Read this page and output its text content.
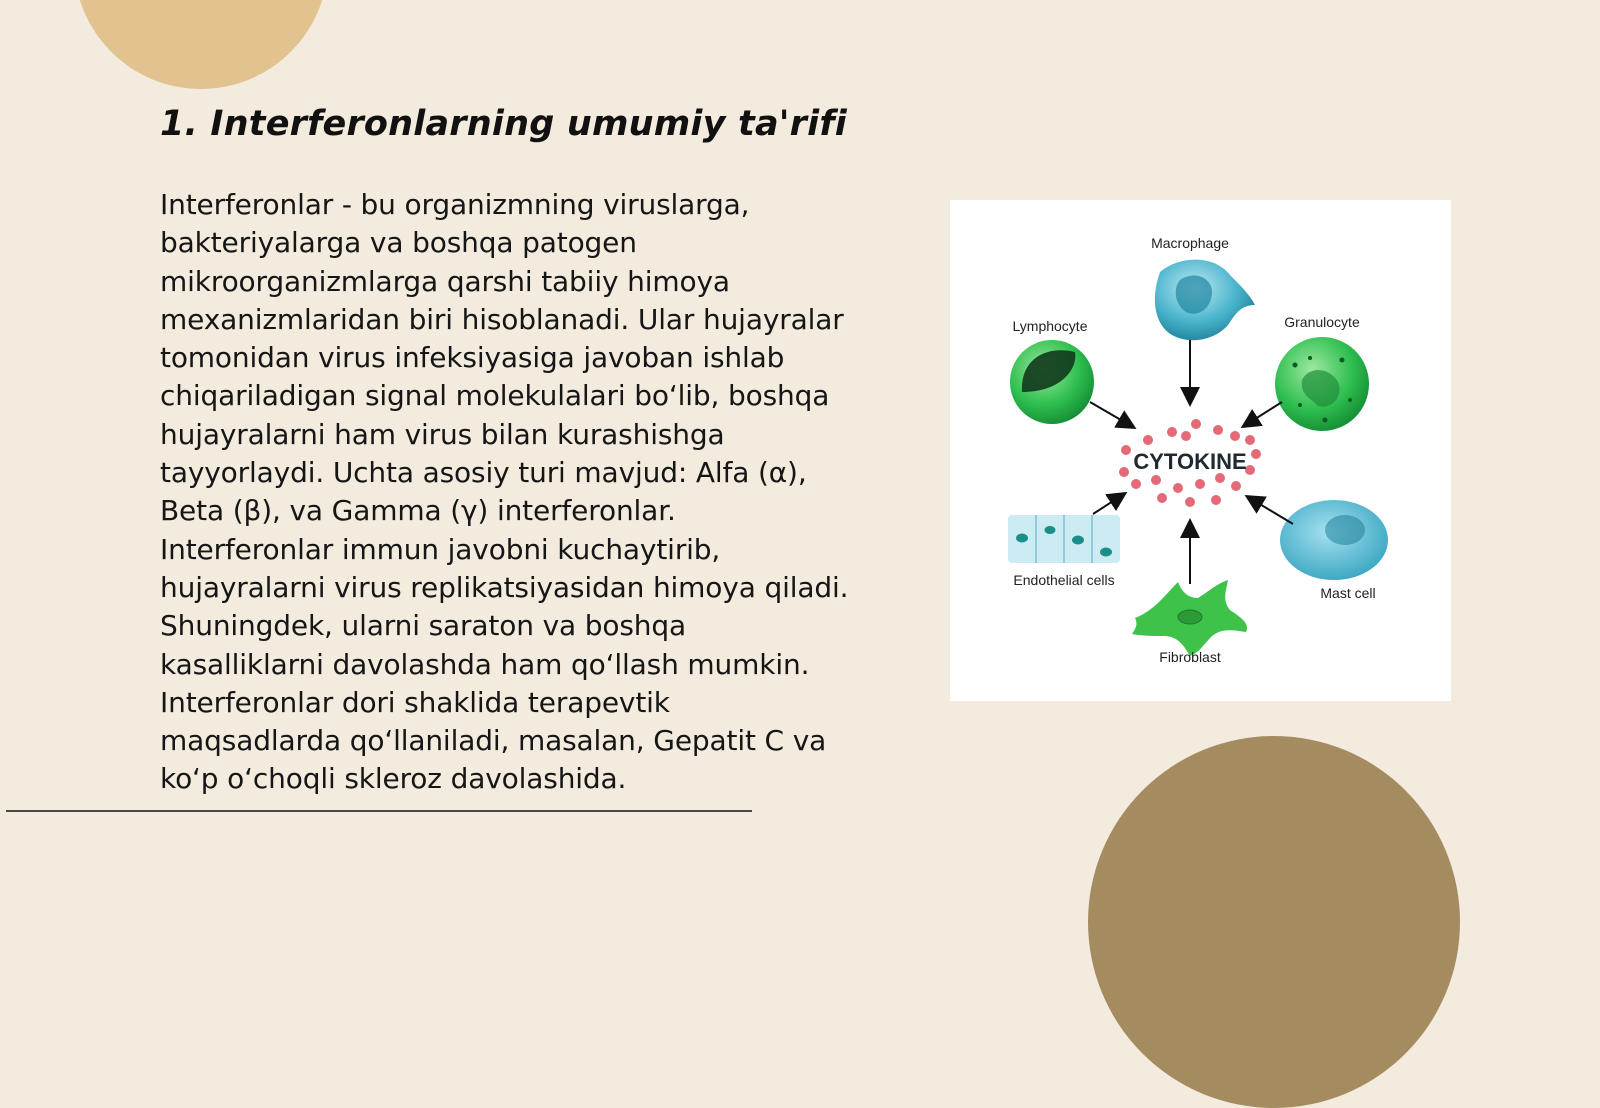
1. Interferonlarning umumiy ta'rifi

Interferonlar - bu organizmning viruslarga, bakteriyalarga va boshqa patogen mikroorganizmlarga qarshi tabiiy himoya mexanizmlaridan biri hisoblanadi. Ular hujayralar tomonidan virus infeksiyasiga javoban ishlab chiqariladigan signal molekulalari bo‘lib, boshqa hujayralarni ham virus bilan kurashishga tayyorlaydi. Uchta asosiy turi mavjud: Alfa (α), Beta (β), va Gamma (γ) interferonlar. Interferonlar immun javobni kuchaytirib, hujayralarni virus replikatsiyasidan himoya qiladi. Shuningdek, ularni saraton va boshqa kasalliklarni davolashda ham qo‘llash mumkin. Interferonlar dori shaklida terapevtik maqsadlarda qo‘llaniladi, masalan, Gepatit C va ko‘p o‘choqli skleroz davolashida.

Macrophage
Lymphocyte	Granulocyte
CYTOKINE
Endothelial cells
Mast cell
Fibroblast
